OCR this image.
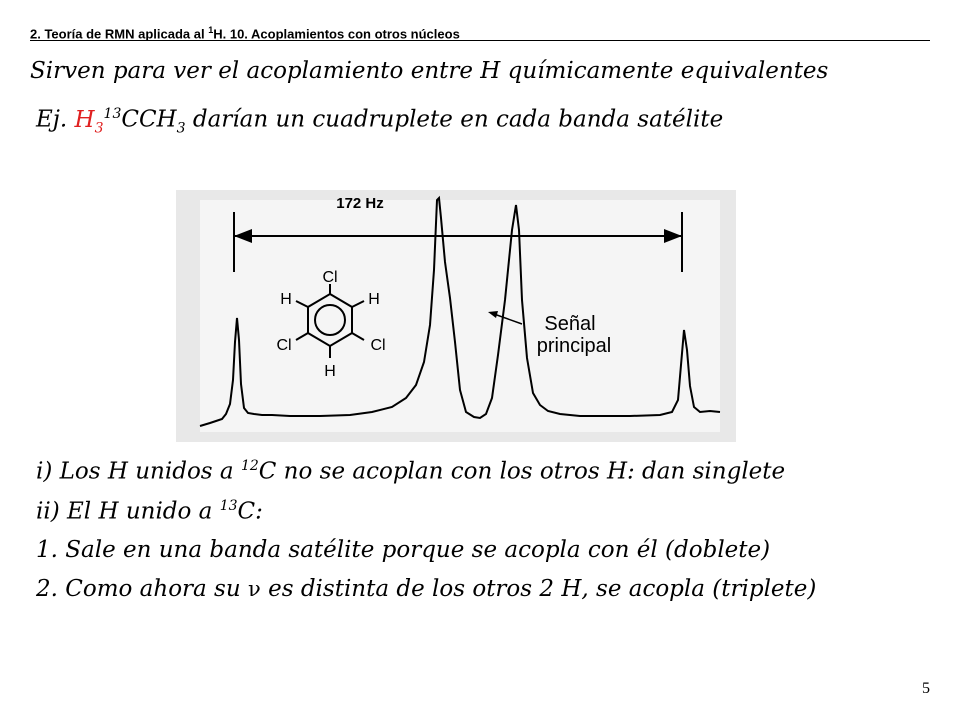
2. Teoría de RMN aplicada al $^1$H. 10. Acoplamientos con otros núcleos
Sirven para ver el acoplamiento entre H químicamente equivalentes
Ej. $H_3^{13}CCH_3$ darían un cuadruplete en cada banda satélite
172 Hz
Señal
principal
Cl
H	H
Cl	Cl
H
i) Los H unidos a $^{12}$C no se acoplan con los otros H: dan singlete
ii) El H unido a $^{13}$C:
1. Sale en una banda satélite porque se acopla con él (doblete)
2. Como ahora su ν es distinta de los otros 2 H, se acopla (triplete)
5
